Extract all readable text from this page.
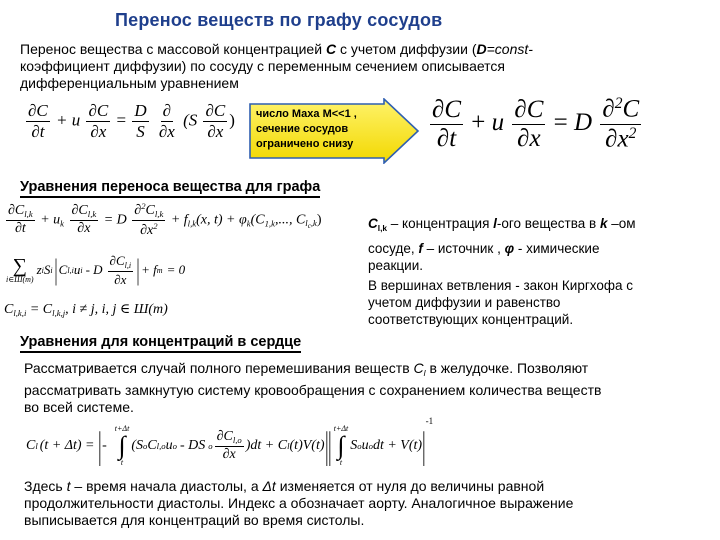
Перенос веществ по графу сосудов
Перенос вещества с массовой концентрацией С с учетом диффузии (D=const-
коэффициент диффузии) по сосуду с переменным сечением описывается
дифференциальным уравнением
$\frac{\partial C}{\partial t} + u \frac{\partial C}{\partial x} = \frac{D}{S}$
$\frac{\partial}{\partial x} (S \frac{\partial C}{\partial x}$ ) число Маха M<<1 ,
сечение сосудов
ограничено снизу	$\frac{\partial C}{\partial t} + u \frac{\partial C}{\partial x} = D \frac{\partial^2C}{\partial x^2}$
Уравнения переноса вещества для графа
$\frac{\partial C_{l,k}}{\partial t} + u_k \frac{\partial C_{l,k}}{\partial x} = D \frac{\partial^2C_{l,k}}{\partial x^2} + f_{l,k}(x$, $t) + \varphi_k(C_{1,k}$,..., $C_{l_c,k}$)
∑
i∈Ш(m)
z i S i | C l,i u i - D $\frac{\partial C_{l,i}}{\partial x}$ | + f m = 0
$C_{l,k,i} = C_{l,k,j}$, i ≠ j, i, j ∈ Ш(m)
$C_{l,k}$ – концентрация l-ого вещества в k –ом
сосуде, f – источник , φ - химические
реакции.
В вершинах ветвления - закон Киргхофа с
учетом диффузии и равенство
соответствующих концентраций.
Уравнения для концентраций в сердце
Рассматривается случай полного перемешивания веществ $C_l$ в желудочке. Позволяют
рассматривать замкнутую систему кровообращения с сохранением количества веществ
во всей системе.
C l (t + Δt) = | -
t+Δt
∫
t
(S o C l,o u o - DS o $\frac{\partial C_{l,o}}{\partial x} )dt + C$ l (t)V(t) | | t+Δt
∫
t
S o u o dt + V(t) |
-1
Здесь t – время начала диастолы, а Δt изменяется от нуля до величины равной
продолжительности диастолы. Индекс a обозначает аорту. Аналогичное выражение
выписывается для концентраций во время систолы.
